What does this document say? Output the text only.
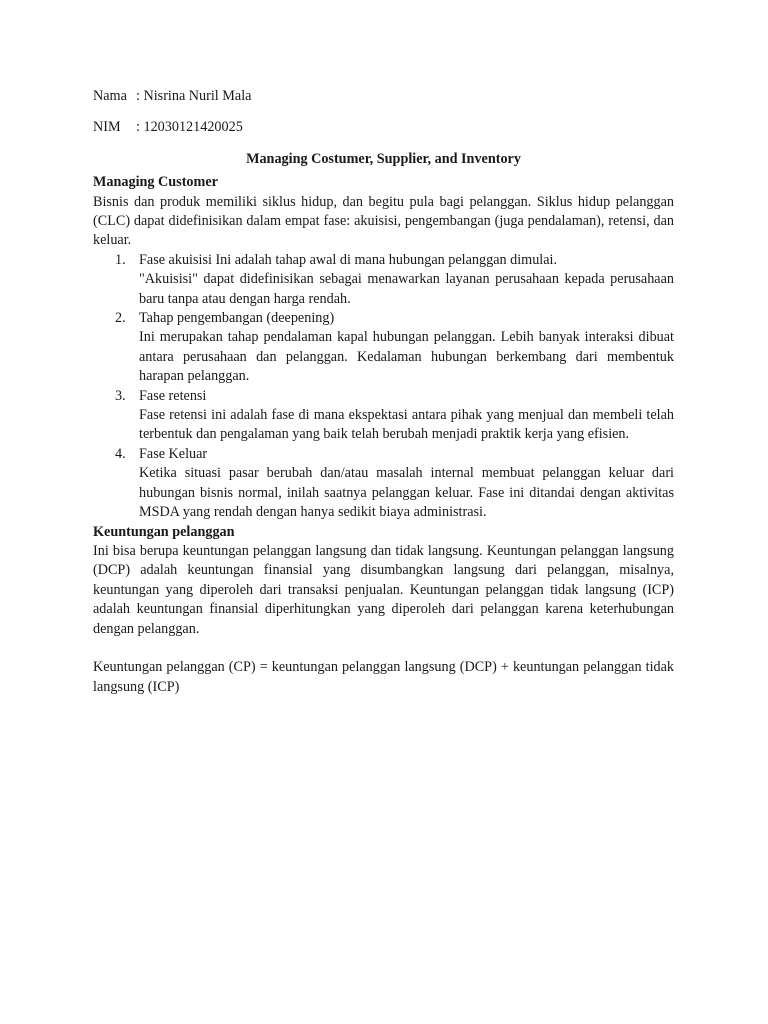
Nama : Nisrina Nuril Mala
NIM	: 12030121420025
Managing Costumer, Supplier, and Inventory
Managing Customer
Bisnis dan produk memiliki siklus hidup, dan begitu pula bagi pelanggan. Siklus hidup pelanggan (CLC) dapat didefinisikan dalam empat fase: akuisisi, pengembangan (juga pendalaman), retensi, dan keluar.
1. Fase akuisisi Ini adalah tahap awal di mana hubungan pelanggan dimulai.
"Akuisisi" dapat didefinisikan sebagai menawarkan layanan perusahaan kepada perusahaan baru tanpa atau dengan harga rendah.
2. Tahap pengembangan (deepening)
Ini merupakan tahap pendalaman kapal hubungan pelanggan. Lebih banyak interaksi dibuat antara perusahaan dan pelanggan. Kedalaman hubungan berkembang dari membentuk harapan pelanggan.
3. Fase retensi
Fase retensi ini adalah fase di mana ekspektasi antara pihak yang menjual dan membeli telah terbentuk dan pengalaman yang baik telah berubah menjadi praktik kerja yang efisien.
4. Fase Keluar
Ketika situasi pasar berubah dan/atau masalah internal membuat pelanggan keluar dari hubungan bisnis normal, inilah saatnya pelanggan keluar. Fase ini ditandai dengan aktivitas MSDA yang rendah dengan hanya sedikit biaya administrasi.
Keuntungan pelanggan
Ini bisa berupa keuntungan pelanggan langsung dan tidak langsung. Keuntungan pelanggan langsung (DCP) adalah keuntungan finansial yang disumbangkan langsung dari pelanggan, misalnya, keuntungan yang diperoleh dari transaksi penjualan. Keuntungan pelanggan tidak langsung (ICP) adalah keuntungan finansial diperhitungkan yang diperoleh dari pelanggan karena keterhubungan dengan pelanggan.
Keuntungan pelanggan (CP) = keuntungan pelanggan langsung (DCP) + keuntungan pelanggan tidak langsung (ICP)
